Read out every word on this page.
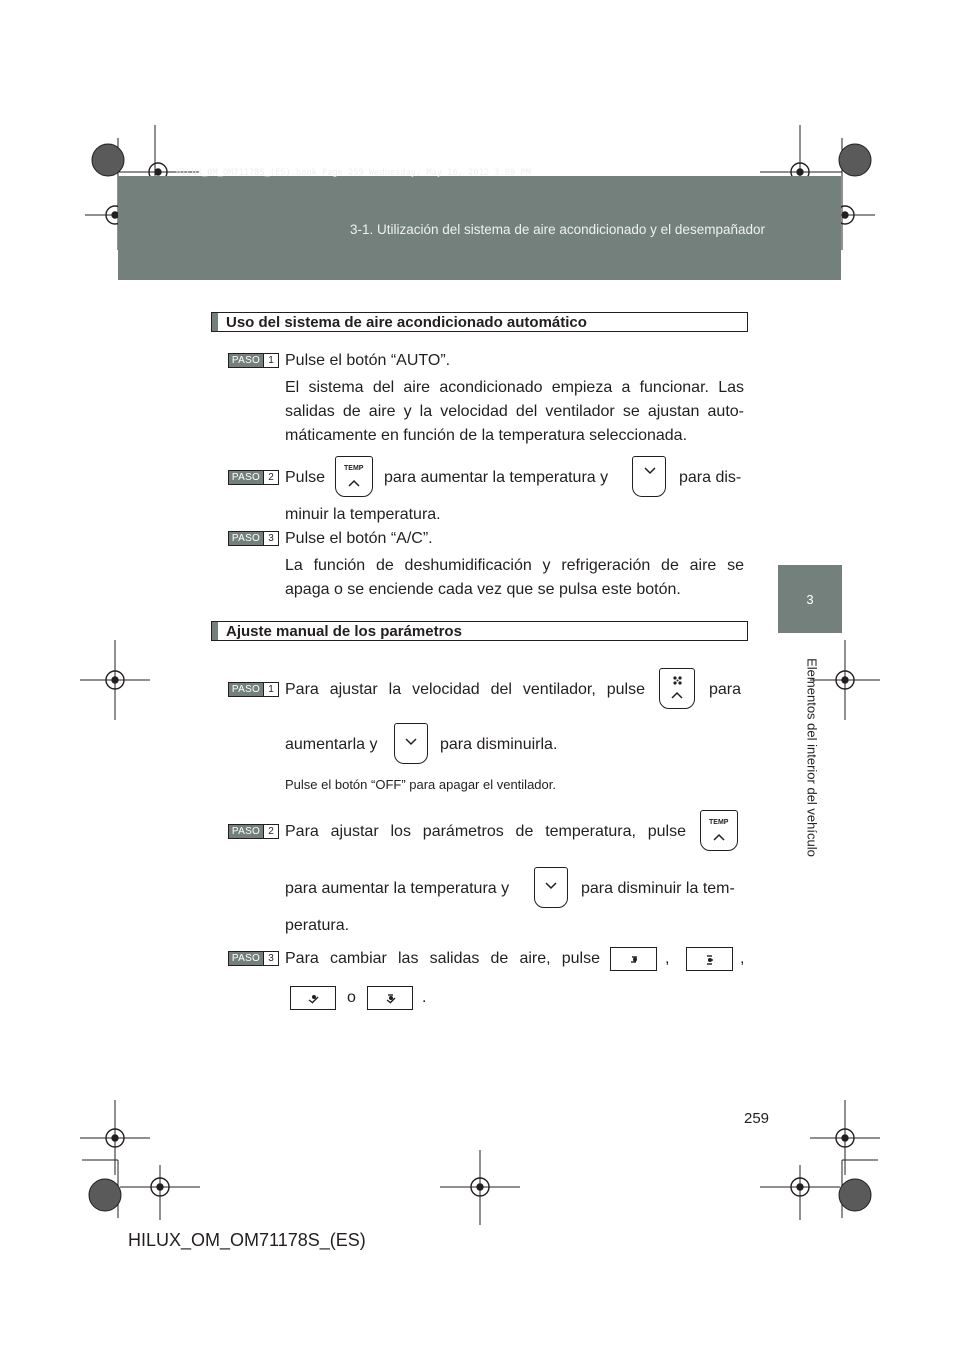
HILUX_OM_OM71178S_(ES).book Page 259 Wednesday, May 16, 2012 3:09 PM
3-1. Utilización del sistema de aire acondicionado y el desempañador
3
Elementos del interior del vehículo
Uso del sistema de aire acondicionado automático
PASO 1 Pulse el botón “AUTO”.
El sistema del aire acondicionado empieza a funcionar. Las
salidas de aire y la velocidad del ventilador se ajustan auto-
máticamente en función de la temperatura seleccionada.
PASO 2 Pulse
TEMP
para aumentar la temperatura y	para dis-
minuir la temperatura.
PASO 3 Pulse el botón “A/C”.
La función de deshumidificación y refrigeración de aire se
apaga o se enciende cada vez que se pulsa este botón.
Ajuste manual de los parámetros
PASO 1 Para ajustar la velocidad del ventilador, pulse	para
aumentarla y	para disminuirla.
Pulse el botón “OFF” para apagar el ventilador.
PASO 2 Para ajustar los parámetros de temperatura, pulse
TEMP
para aumentar la temperatura y	para disminuir la tem-
peratura.
PASO 3 Para cambiar las salidas de aire, pulse	,	,
o	.
259
HILUX_OM_OM71178S_(ES)
